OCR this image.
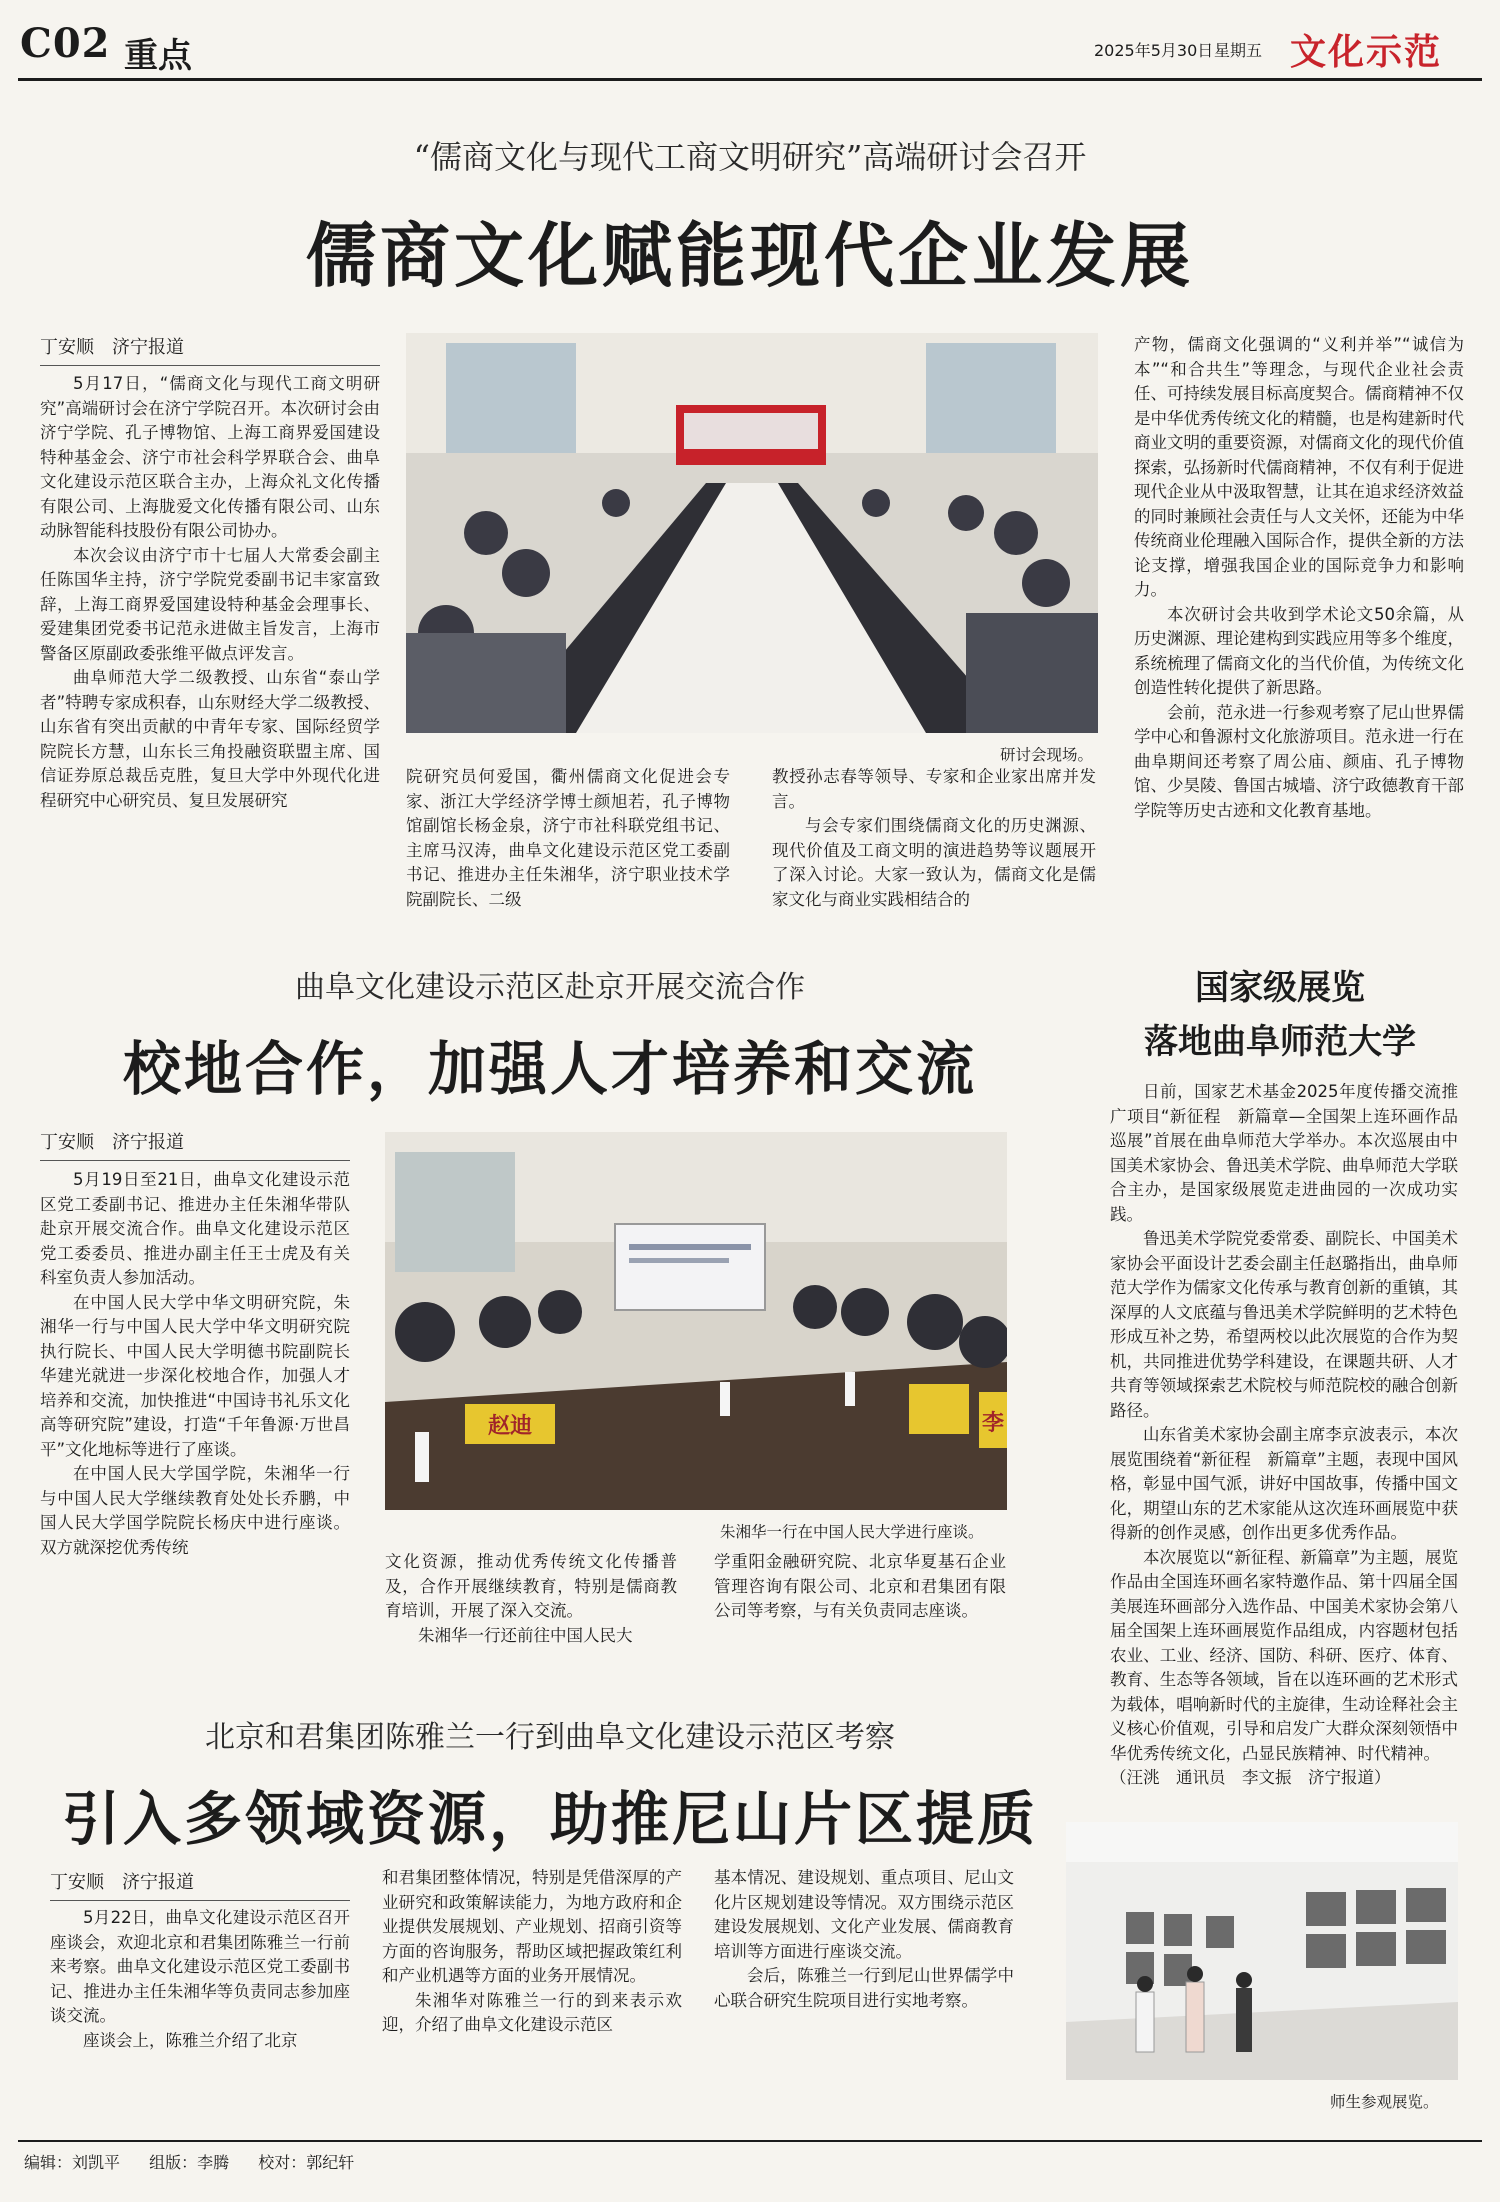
C02 重点	2025年5月30日 星期五 文化示范
“儒商文化与现代工商文明研究”高端研讨会召开
儒商文化赋能现代企业发展
丁安顺　济宁报道

5月17日，“儒商文化与现代工商文明研究”高端研讨会在济宁学院召开。本次研讨会由济宁学院、孔子博物馆、上海工商界爱国建设特种基金会、济宁市社会科学界联合会、曲阜文化建设示范区联合主办，上海众礼文化传播有限公司、上海胧爱文化传播有限公司、山东动脉智能科技股份有限公司协办。

本次会议由济宁市十七届人大常委会副主任陈国华主持，济宁学院党委副书记丰家富致辞，上海工商界爱国建设特种基金会理事长、爱建集团党委书记范永进做主旨发言，上海市警备区原副政委张维平做点评发言。

曲阜师范大学二级教授、山东省“泰山学者”特聘专家成积春，山东财经大学二级教授、山东省有突出贡献的中青年专家、国际经贸学院院长方慧，山东长三角投融资联盟主席、国信证券原总裁岳克胜，复旦大学中外现代化进程研究中心研究员、复旦发展研究

研讨会现场。

院研究员何爱国，衢州儒商文化促进会专家、浙江大学经济学博士颜旭若，孔子博物馆副馆长杨金泉，济宁市社科联党组书记、主席马汉涛，曲阜文化建设示范区党工委副书记、推进办主任朱湘华，济宁职业技术学院副院长、二级

教授孙志春等领导、专家和企业家出席并发言。

与会专家们围绕儒商文化的历史渊源、现代价值及工商文明的演进趋势等议题展开了深入讨论。大家一致认为，儒商文化是儒家文化与商业实践相结合的

产物，儒商文化强调的“义利并举”“诚信为本”“和合共生”等理念，与现代企业社会责任、可持续发展目标高度契合。儒商精神不仅是中华优秀传统文化的精髓，也是构建新时代商业文明的重要资源，对儒商文化的现代价值探索，弘扬新时代儒商精神，不仅有利于促进现代企业从中汲取智慧，让其在追求经济效益的同时兼顾社会责任与人文关怀，还能为中华传统商业伦理融入国际合作，提供全新的方法论支撑，增强我国企业的国际竞争力和影响力。

本次研讨会共收到学术论文50余篇，从历史渊源、理论建构到实践应用等多个维度，系统梳理了儒商文化的当代价值，为传统文化创造性转化提供了新思路。

会前，范永进一行参观考察了尼山世界儒学中心和鲁源村文化旅游项目。范永进一行在曲阜期间还考察了周公庙、颜庙、孔子博物馆、少昊陵、鲁国古城墙、济宁政德教育干部学院等历史古迹和文化教育基地。

曲阜文化建设示范区赴京开展交流合作
校地合作，加强人才培养和交流
丁安顺　济宁报道

5月19日至21日，曲阜文化建设示范区党工委副书记、推进办主任朱湘华带队赴京开展交流合作。曲阜文化建设示范区党工委委员、推进办副主任王士虎及有关科室负责人参加活动。

在中国人民大学中华文明研究院，朱湘华一行与中国人民大学中华文明研究院执行院长、中国人民大学明德书院副院长华建光就进一步深化校地合作，加强人才培养和交流，加快推进“中国诗书礼乐文化高等研究院”建设，打造“千年鲁源·万世昌平”文化地标等进行了座谈。

在中国人民大学国学院，朱湘华一行与中国人民大学继续教育处处长乔鹏，中国人民大学国学院院长杨庆中进行座谈。双方就深挖优秀传统

赵迪	李
朱湘华一行在中国人民大学进行座谈。

文化资源，推动优秀传统文化传播普及，合作开展继续教育，特别是儒商教育培训，开展了深入交流。

朱湘华一行还前往中国人民大

学重阳金融研究院、北京华夏基石企业管理咨询有限公司、北京和君集团有限公司等考察，与有关负责同志座谈。

北京和君集团陈雅兰一行到曲阜文化建设示范区考察
引入多领域资源，助推尼山片区提质
丁安顺　济宁报道

5月22日，曲阜文化建设示范区召开座谈会，欢迎北京和君集团陈雅兰一行前来考察。曲阜文化建设示范区党工委副书记、推进办主任朱湘华等负责同志参加座谈交流。

座谈会上，陈雅兰介绍了北京

和君集团整体情况，特别是凭借深厚的产业研究和政策解读能力，为地方政府和企业提供发展规划、产业规划、招商引资等方面的咨询服务，帮助区域把握政策红利和产业机遇等方面的业务开展情况。

朱湘华对陈雅兰一行的到来表示欢迎，介绍了曲阜文化建设示范区

基本情况、建设规划、重点项目、尼山文化片区规划建设等情况。双方围绕示范区建设发展规划、文化产业发展、儒商教育培训等方面进行座谈交流。

会后，陈雅兰一行到尼山世界儒学中心联合研究生院项目进行实地考察。

国家级展览
落地曲阜师范大学

日前，国家艺术基金2025年度传播交流推广项目“新征程　新篇章—全国架上连环画作品巡展”首展在曲阜师范大学举办。本次巡展由中国美术家协会、鲁迅美术学院、曲阜师范大学联合主办，是国家级展览走进曲园的一次成功实践。

鲁迅美术学院党委常委、副院长、中国美术家协会平面设计艺委会副主任赵璐指出，曲阜师范大学作为儒家文化传承与教育创新的重镇，其深厚的人文底蕴与鲁迅美术学院鲜明的艺术特色形成互补之势，希望两校以此次展览的合作为契机，共同推进优势学科建设，在课题共研、人才共育等领域探索艺术院校与师范院校的融合创新路径。

山东省美术家协会副主席李京波表示，本次展览围绕着“新征程　新篇章”主题，表现中国风格，彰显中国气派，讲好中国故事，传播中国文化，期望山东的艺术家能从这次连环画展览中获得新的创作灵感，创作出更多优秀作品。

本次展览以“新征程、新篇章”为主题，展览作品由全国连环画名家特邀作品、第十四届全国美展连环画部分入选作品、中国美术家协会第八届全国架上连环画展览作品组成，内容题材包括农业、工业、经济、国防、科研、医疗、体育、教育、生态等各领域，旨在以连环画的艺术形式为载体，唱响新时代的主旋律，生动诠释社会主义核心价值观，引导和启发广大群众深刻领悟中华优秀传统文化，凸显民族精神、时代精神。

（汪洮　通讯员　李文振　济宁报道）

师生参观展览。
编辑：刘凯平 组版：李腾 校对：郭纪轩
